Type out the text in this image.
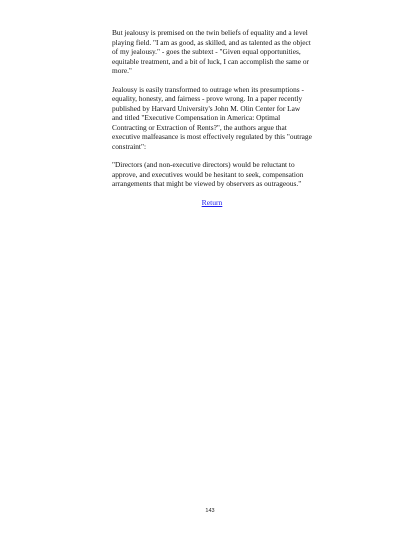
But jealousy is premised on the twin beliefs of equality and a level playing field. "I am as good, as skilled, and as talented as the object of my jealousy." - goes the subtext - "Given equal opportunities, equitable treatment, and a bit of luck, I can accomplish the same or more."

Jealousy is easily transformed to outrage when its presumptions - equality, honesty, and fairness - prove wrong. In a paper recently published by Harvard University's John M. Olin Center for Law and titled "Executive Compensation in America: Optimal Contracting or Extraction of Rents?", the authors argue that executive malfeasance is most effectively regulated by this "outrage constraint":

"Directors (and non-executive directors) would be reluctant to approve, and executives would be hesitant to seek, compensation arrangements that might be viewed by observers as outrageous."

Return
143
